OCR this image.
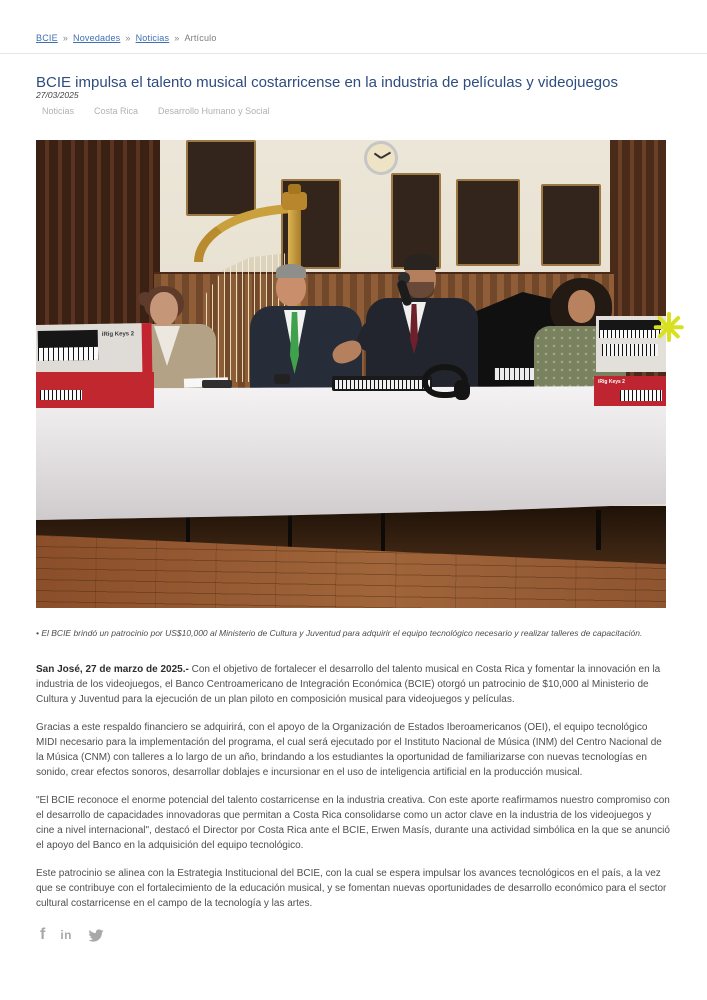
BCIE » Novedades » Noticias » Artículo
BCIE impulsa el talento musical costarricense en la industria de películas y videojuegos
27/03/2025
Noticias Costa Rica Desarrollo Humano y Social
iRig Keys 2
iRig Keys 2
• El BCIE brindó un patrocinio por US$10,000 al Ministerio de Cultura y Juventud para adquirir el equipo tecnológico necesario y realizar talleres de capacitación.

San José, 27 de marzo de 2025.- Con el objetivo de fortalecer el desarrollo del talento musical en Costa Rica y fomentar la innovación en la industria de los videojuegos, el Banco Centroamericano de Integración Económica (BCIE) otorgó un patrocinio de $10,000 al Ministerio de Cultura y Juventud para la ejecución de un plan piloto en composición musical para videojuegos y películas.

Gracias a este respaldo financiero se adquirirá, con el apoyo de la Organización de Estados Iberoamericanos (OEI), el equipo tecnológico MIDI necesario para la implementación del programa, el cual será ejecutado por el Instituto Nacional de Música (INM) del Centro Nacional de la Música (CNM) con talleres a lo largo de un año, brindando a los estudiantes la oportunidad de familiarizarse con nuevas tecnologías en sonido, crear efectos sonoros, desarrollar doblajes e incursionar en el uso de inteligencia artificial en la producción musical.

"El BCIE reconoce el enorme potencial del talento costarricense en la industria creativa. Con este aporte reafirmamos nuestro compromiso con el desarrollo de capacidades innovadoras que permitan a Costa Rica consolidarse como un actor clave en la industria de los videojuegos y cine a nivel internacional", destacó el Director por Costa Rica ante el BCIE, Erwen Masís, durante una actividad simbólica en la que se anunció el apoyo del Banco en la adquisición del equipo tecnológico.

Este patrocinio se alinea con la Estrategia Institucional del BCIE, con la cual se espera impulsar los avances tecnológicos en el país, a la vez que se contribuye con el fortalecimiento de la educación musical, y se fomentan nuevas oportunidades de desarrollo económico para el sector cultural costarricense en el campo de la tecnología y las artes.

f in
